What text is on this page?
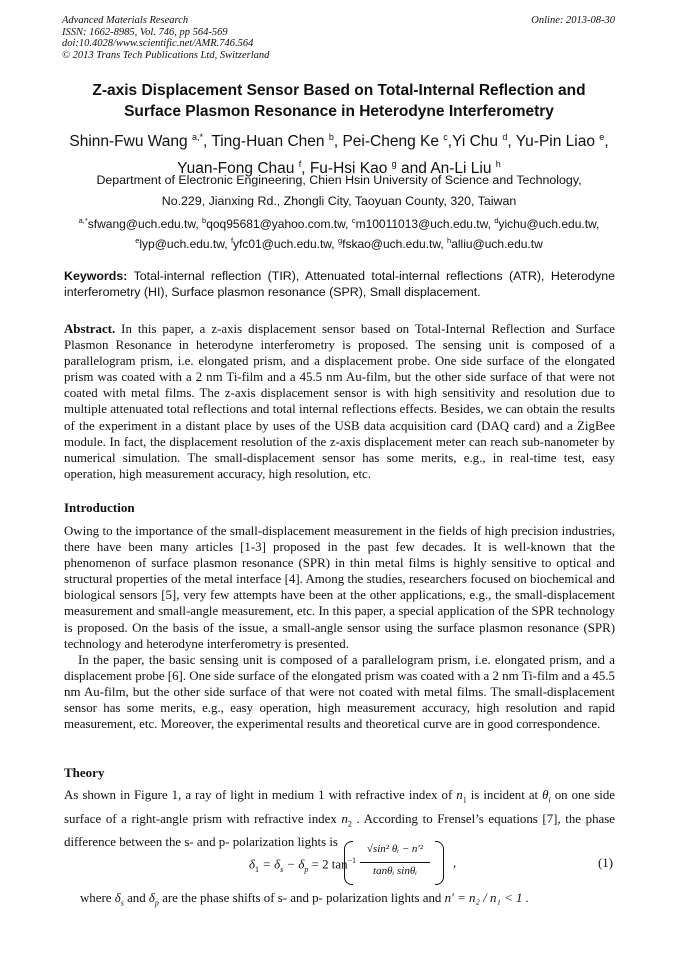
Advanced Materials Research
ISSN: 1662-8985, Vol. 746, pp 564-569
doi:10.4028/www.scientific.net/AMR.746.564
© 2013 Trans Tech Publications Ltd, Switzerland
Online: 2013-08-30
Z-axis Displacement Sensor Based on Total-Internal Reflection and
Surface Plasmon Resonance in Heterodyne Interferometry
Shinn-Fwu Wang $^{a,*}$, Ting-Huan Chen $^b$, Pei-Cheng Ke $^c$,Yi Chu $^d$, Yu-Pin Liao $^e$,
Yuan-Fong Chau $^f$, Fu-Hsi Kao $^g$ and An-Li Liu $^h$
Department of Electronic Engineering, Chien Hsin University of Science and Technology,
No.229, Jianxing Rd., Zhongli City, Taoyuan County, 320, Taiwan
$^{a,*}$sfwang@uch.edu.tw, $^b$qoq95681@yahoo.com.tw, $^c$m10011013@uch.edu.tw, $^d$yichu@uch.edu.tw,
$^e$lyp@uch.edu.tw, $^f$yfc01@uch.edu.tw, $^g$fskao@uch.edu.tw, $^h$alliu@uch.edu.tw
Keywords: Total-internal reflection (TIR), Attenuated total-internal reflections (ATR), Heterodyne interferometry (HI), Surface plasmon resonance (SPR), Small displacement.
Abstract. In this paper, a z-axis displacement sensor based on Total-Internal Reflection and Surface Plasmon Resonance in heterodyne interferometry is proposed. The sensing unit is composed of a parallelogram prism, i.e. elongated prism, and a displacement probe. One side surface of the elongated prism was coated with a 2 nm Ti-film and a 45.5 nm Au-film, but the other side surface of that were not coated with metal films. The z-axis displacement sensor is with high sensitivity and resolution due to multiple attenuated total reflections and total internal reflections effects. Besides, we can obtain the results of the experiment in a distant place by uses of the USB data acquisition card (DAQ card) and a ZigBee module. In fact, the displacement resolution of the z-axis displacement meter can reach sub-nanometer by numerical simulation. The small-displacement sensor has some merits, e.g., in real-time test, easy operation, high measurement accuracy, high resolution, etc.
Introduction

Owing to the importance of the small-displacement measurement in the fields of high precision industries, there have been many articles [1-3] proposed in the past few decades. It is well-known that the phenomenon of surface plasmon resonance (SPR) in thin metal films is highly sensitive to optical and structural properties of the metal interface [4]. Among the studies, researchers focused on biochemical and biological sensors [5], very few attempts have been at the other applications, e.g., the small-displacement measurement and small-angle measurement, etc. In this paper, a special application of the SPR technology is proposed. On the basis of the issue, a small-angle sensor using the surface plasmon resonance (SPR) technology and heterodyne interferometry is presented.

In the paper, the basic sensing unit is composed of a parallelogram prism, i.e. elongated prism, and a displacement probe [6]. One side surface of the elongated prism was coated with a 2 nm Ti-film and a 45.5 nm Au-film, but the other side surface of that were not coated with metal films. The small-displacement sensor has some merits, e.g., easy operation, high measurement accuracy, high resolution and rapid measurement, etc. Moreover, the experimental results and theoretical curve are in good correspondence.

Theory

As shown in Figure 1, a ray of light in medium 1 with refractive index of $n_1$ is incident at $\theta_i$ on one side surface of a right-angle prism with refractive index $n_2$ . According to Frensel’s equations [7], the phase difference between the s- and p- polarization lights is

$\delta_1 = \delta_s - \delta_p = 2$ $\tan^{-1}$
√sin² θᵢ − n′²
tanθᵢ sinθᵢ
,	(1)
where $\delta_s$ and $\delta_p$ are the phase shifts of s- and p- polarization lights and n′ = n₂ / n₁ < 1 .
